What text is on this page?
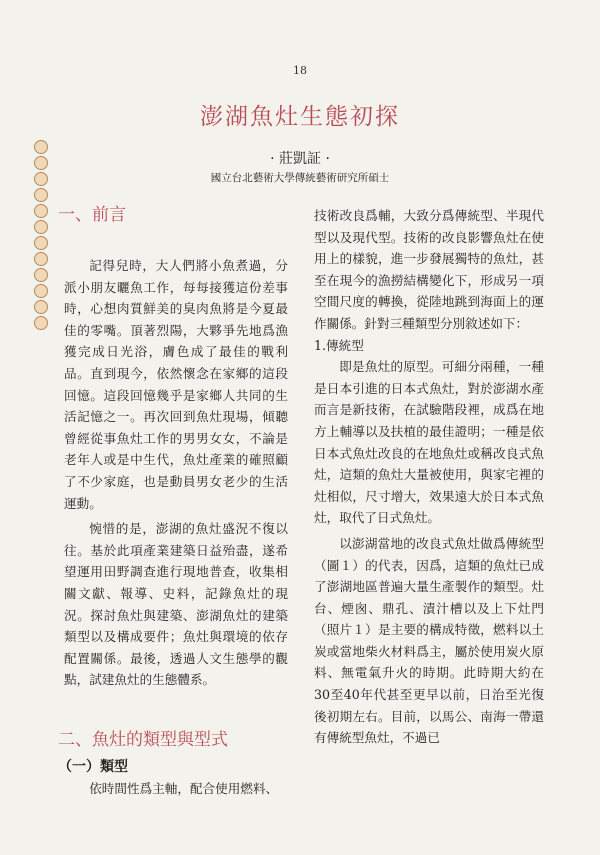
18
澎湖魚灶生態初探
· 莊凱証 ·
國立台北藝術大學傳統藝術研究所碩士
一、前言

記得兒時，大人們將小魚煮過，分派小朋友曬魚工作，每每接獲這份差事時，心想肉質鮮美的臭肉魚將是今夏最佳的零嘴。頂著烈陽，大夥爭先地爲漁獲完成日光浴，膚色成了最佳的戰利品。直到現今，依然懷念在家鄉的這段回憶。這段回憶幾乎是家鄉人共同的生活記憶之一。再次回到魚灶現場，傾聽曾經從事魚灶工作的男男女女，不論是老年人或是中生代，魚灶產業的確照顧了不少家庭，也是動員男女老少的生活運動。

惋惜的是，澎湖的魚灶盛況不復以往。基於此項產業建築日益殆盡，遂希望運用田野調查進行現地普查，收集相關文獻、報導、史料，記錄魚灶的現況。探討魚灶與建築、澎湖魚灶的建築類型以及構成要件；魚灶與環境的依存配置關係。最後，透過人文生態學的觀點，試建魚灶的生態體系。

二、魚灶的類型與型式
（一）類型

依時間性爲主軸，配合使用燃料、

技術改良爲輔，大致分爲傳統型、半現代型以及現代型。技術的改良影響魚灶在使用上的樣貌，進一步發展獨特的魚灶，甚至在現今的漁撈結構變化下，形成另一項空間尺度的轉換，從陸地跳到海面上的運作關係。針對三種類型分別敘述如下：

1.傳統型

即是魚灶的原型。可細分兩種，一種是日本引進的日本式魚灶，對於澎湖水產而言是新技術，在試驗階段裡，成爲在地方上輔導以及扶植的最佳證明；一種是依日本式魚灶改良的在地魚灶或稱改良式魚灶，這類的魚灶大量被使用，與家宅裡的灶相似，尺寸增大，效果遠大於日本式魚灶，取代了日式魚灶。

以澎湖當地的改良式魚灶做爲傳統型（圖１）的代表，因爲，這類的魚灶已成了澎湖地區普遍大量生產製作的類型。灶台、煙囪、鼎孔、漬汁槽以及上下灶門（照片１）是主要的構成特徵，燃料以土炭或當地柴火材料爲主，屬於使用炭火原料、無電氣升火的時期。此時期大約在30至40年代甚至更早以前，日治至光復後初期左右。目前，以馬公、南海一帶還有傳統型魚灶，不過已
